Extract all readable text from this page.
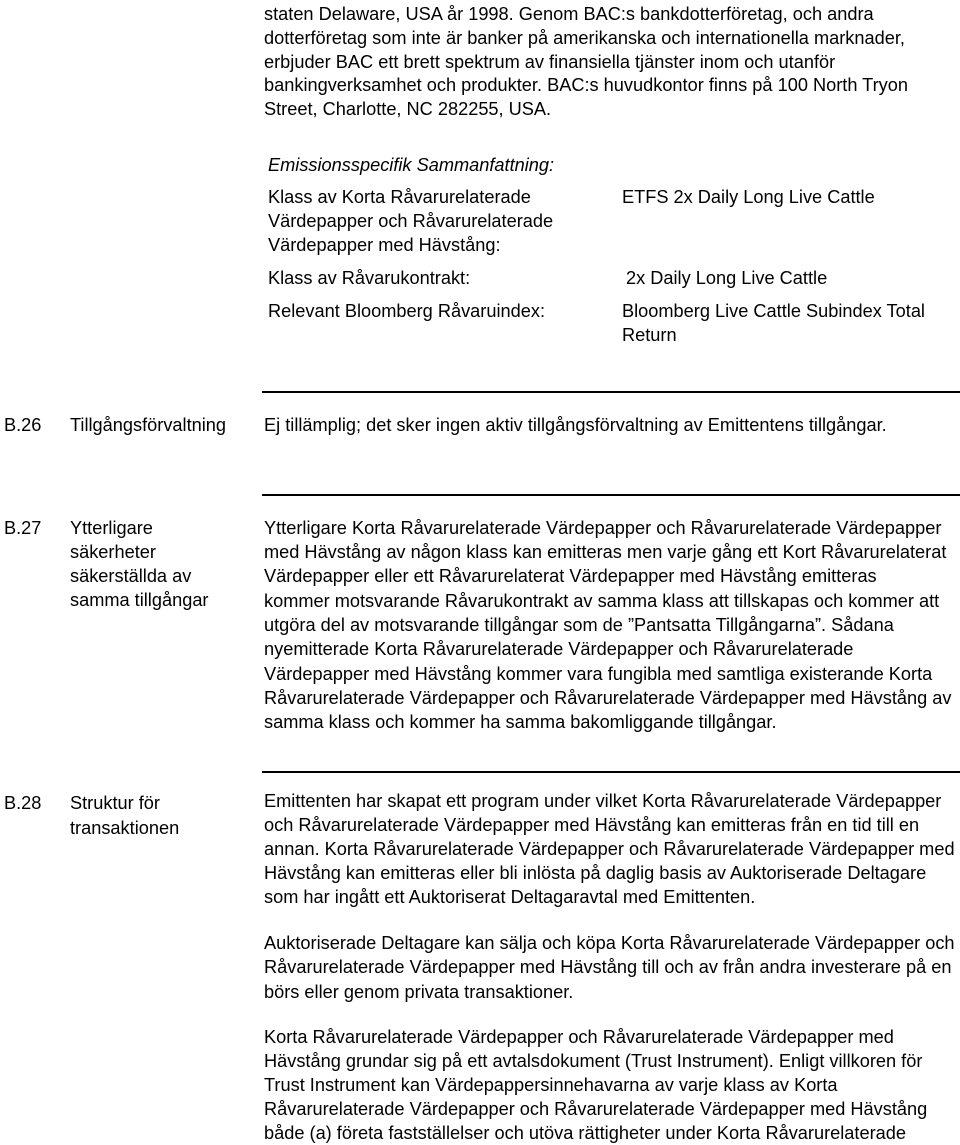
staten Delaware, USA år 1998. Genom BAC:s bankdotterföretag, och andra
dotterföretag som inte är banker på amerikanska och internationella marknader,
erbjuder BAC ett brett spektrum av finansiella tjänster inom och utanför
bankingverksamhet och produkter. BAC:s huvudkontor finns på 100 North Tryon
Street, Charlotte, NC 282255, USA.
Emissionsspecifik Sammanfattning:
Klass av Korta Råvarurelaterade
Värdepapper och Råvarurelaterade
Värdepapper med Hävstång:
ETFS 2x Daily Long Live Cattle
Klass av Råvarukontrakt:	2x Daily Long Live Cattle
Relevant Bloomberg Råvaruindex:	Bloomberg Live Cattle Subindex Total
Return
B.26 Tillgångsförvaltning Ej tillämplig; det sker ingen aktiv tillgångsförvaltning av Emittentens tillgångar.
B.27 Ytterligare
säkerheter
säkerställda av
samma tillgångar
Ytterligare Korta Råvarurelaterade Värdepapper och Råvarurelaterade Värdepapper
med Hävstång av någon klass kan emitteras men varje gång ett Kort Råvarurelaterat
Värdepapper eller ett Råvarurelaterat Värdepapper med Hävstång emitteras
kommer motsvarande Råvarukontrakt av samma klass att tillskapas och kommer att
utgöra del av motsvarande tillgångar som de ”Pantsatta Tillgångarna”. Sådana
nyemitterade Korta Råvarurelaterade Värdepapper och Råvarurelaterade
Värdepapper med Hävstång kommer vara fungibla med samtliga existerande Korta
Råvarurelaterade Värdepapper och Råvarurelaterade Värdepapper med Hävstång av
samma klass och kommer ha samma bakomliggande tillgångar.
B.28 Struktur för
transaktionen
Emittenten har skapat ett program under vilket Korta Råvarurelaterade Värdepapper
och Råvarurelaterade Värdepapper med Hävstång kan emitteras från en tid till en
annan. Korta Råvarurelaterade Värdepapper och Råvarurelaterade Värdepapper med
Hävstång kan emitteras eller bli inlösta på daglig basis av Auktoriserade Deltagare
som har ingått ett Auktoriserat Deltagaravtal med Emittenten.
Auktoriserade Deltagare kan sälja och köpa Korta Råvarurelaterade Värdepapper och
Råvarurelaterade Värdepapper med Hävstång till och av från andra investerare på en
börs eller genom privata transaktioner.
Korta Råvarurelaterade Värdepapper och Råvarurelaterade Värdepapper med
Hävstång grundar sig på ett avtalsdokument (Trust Instrument). Enligt villkoren för
Trust Instrument kan Värdepappersinnehavarna av varje klass av Korta
Råvarurelaterade Värdepapper och Råvarurelaterade Värdepapper med Hävstång
både (a) företa fastställelser och utöva rättigheter under Korta Råvarurelaterade
